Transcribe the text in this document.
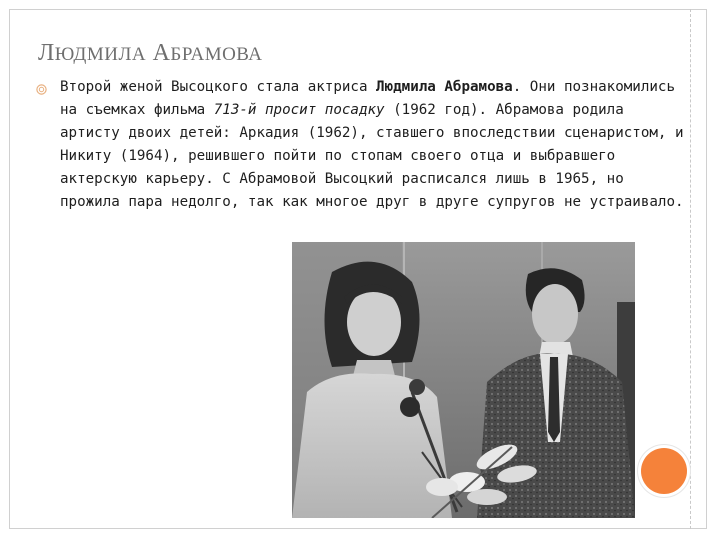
ЛЮДМИЛА АБРАМОВА
Второй женой Высоцкого стала актриса Людмила Абрамова. Они познакомились на съемках фильма 713-й просит посадку (1962 год). Абрамова родила артисту двоих детей: Аркадия (1962), ставшего впоследствии сценаристом, и Никиту (1964), решившего пойти по стопам своего отца и выбравшего актерскую карьеру. С Абрамовой Высоцкий расписался лишь в 1965, но прожила пара недолго, так как многое друг в друге супругов не устраивало.
